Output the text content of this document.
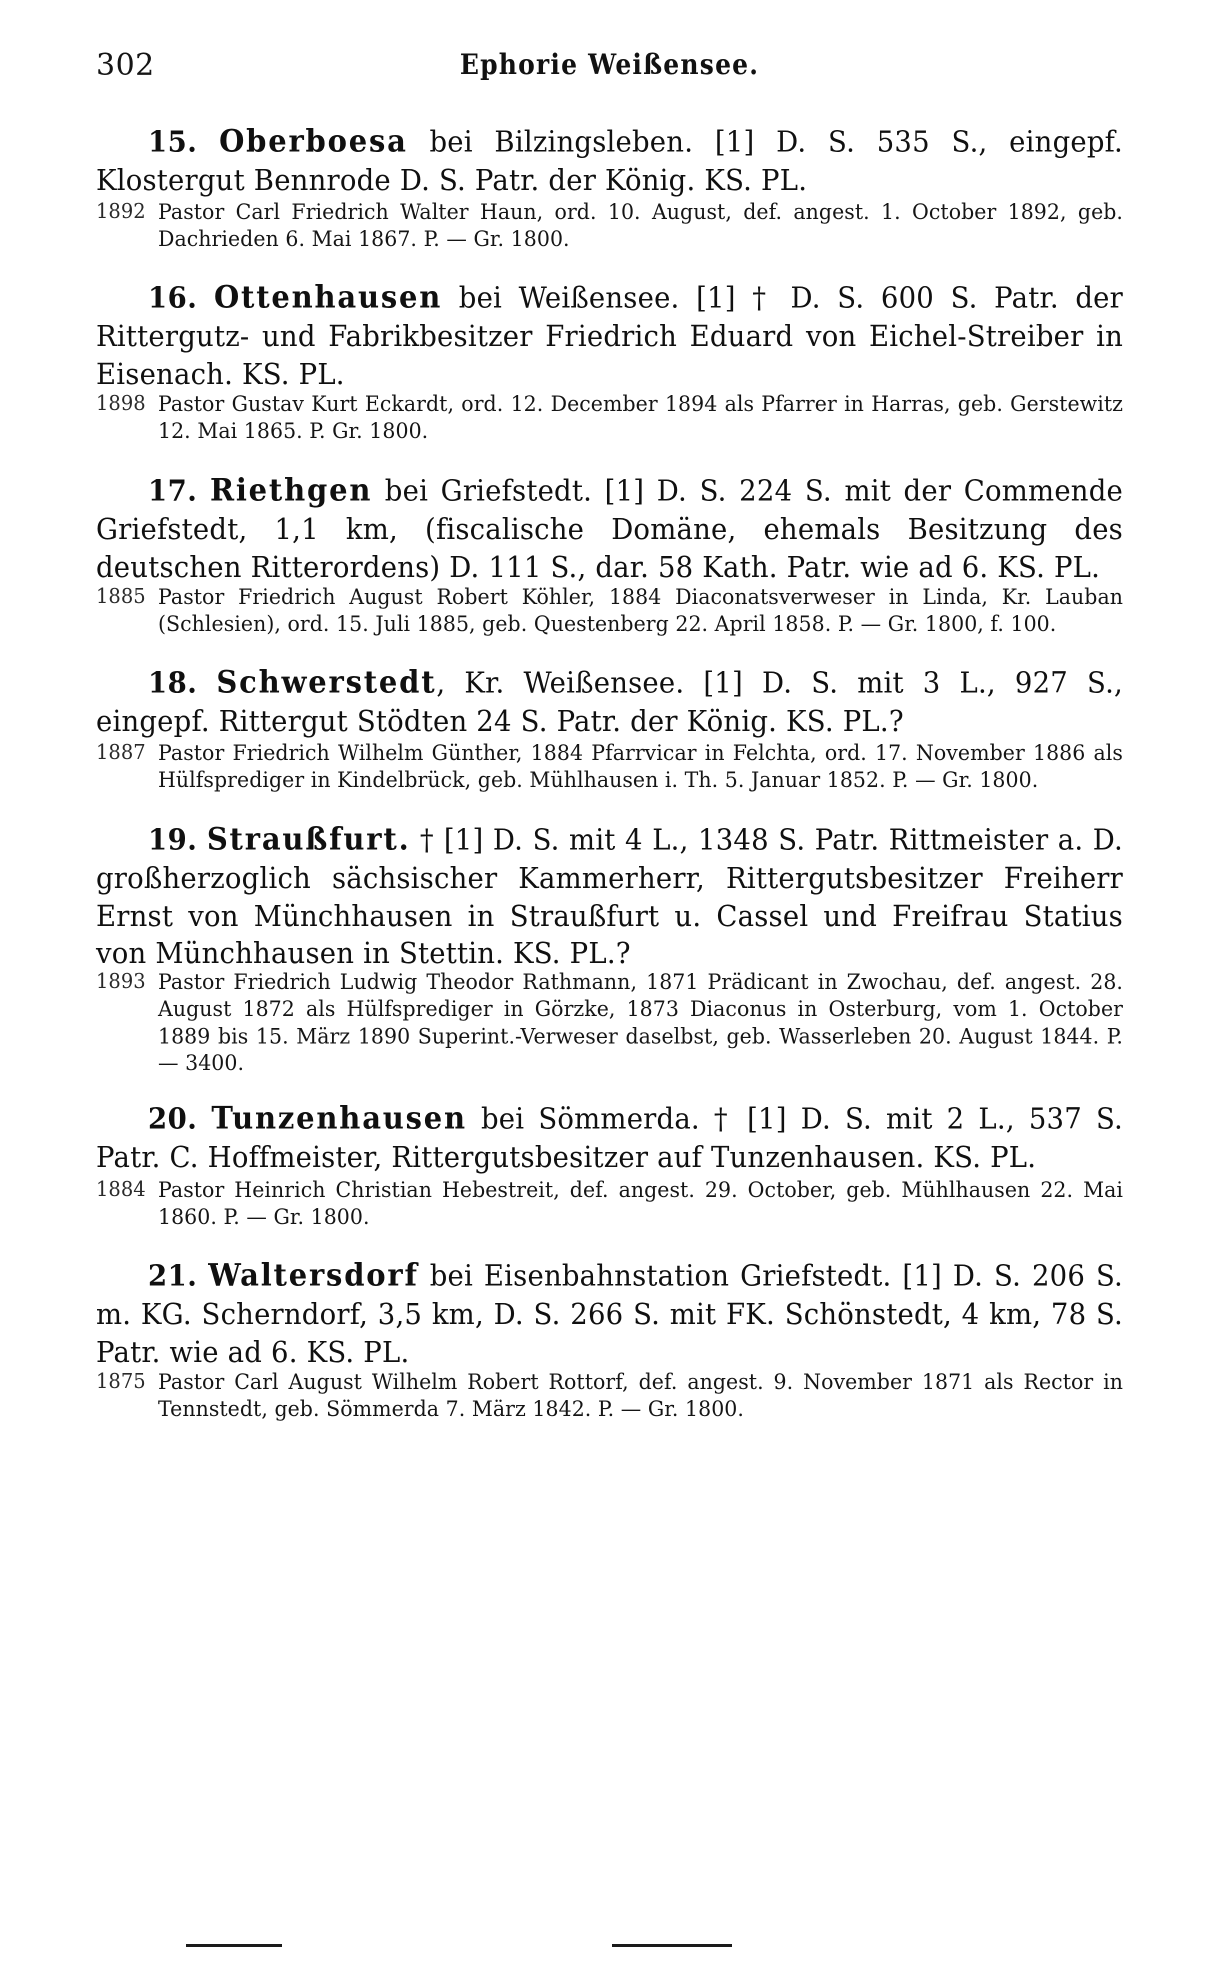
302	Ephorie Weißensee.

15. Oberboesa bei Bilzingsleben. [1] D. S. 535 S., eingepf. Klostergut Bennrode D. S. Patr. der König. KS. PL.

1892 Pastor Carl Friedrich Walter Haun, ord. 10. August, def. angest. 1. October 1892, geb. Dachrieden 6. Mai 1867. P. — Gr. 1800.

16. Ottenhausen bei Weißensee. [1] † D. S. 600 S. Patr. der Rittergutz- und Fabrikbesitzer Friedrich Eduard von Eichel-Streiber in Eisenach. KS. PL.

1898 Pastor Gustav Kurt Eckardt, ord. 12. December 1894 als Pfarrer in Harras, geb. Gerstewitz 12. Mai 1865. P. Gr. 1800.

17. Riethgen bei Griefstedt. [1] D. S. 224 S. mit der Commende Griefstedt, 1,1 km, (fiscalische Domäne, ehemals Besitzung des deutschen Ritterordens) D. 111 S., dar. 58 Kath. Patr. wie ad 6. KS. PL.

1885 Pastor Friedrich August Robert Köhler, 1884 Diaconatsverweser in Linda, Kr. Lauban (Schlesien), ord. 15. Juli 1885, geb. Questenberg 22. April 1858. P. — Gr. 1800, f. 100.

18. Schwerstedt, Kr. Weißensee. [1] D. S. mit 3 L., 927 S., eingepf. Rittergut Stödten 24 S. Patr. der König. KS. PL.?

1887 Pastor Friedrich Wilhelm Günther, 1884 Pfarrvicar in Felchta, ord. 17. November 1886 als Hülfsprediger in Kindelbrück, geb. Mühlhausen i. Th. 5. Januar 1852. P. — Gr. 1800.

19. Straußfurt. † [1] D. S. mit 4 L., 1348 S. Patr. Rittmeister a. D. großherzoglich sächsischer Kammerherr, Rittergutsbesitzer Freiherr Ernst von Münchhausen in Straußfurt u. Cassel und Freifrau Statius von Münchhausen in Stettin. KS. PL.?

1893 Pastor Friedrich Ludwig Theodor Rathmann, 1871 Prädicant in Zwochau, def. angest. 28. August 1872 als Hülfsprediger in Görzke, 1873 Diaconus in Osterburg, vom 1. October 1889 bis 15. März 1890 Superint.-Verweser daselbst, geb. Wasserleben 20. August 1844. P. — 3400.

20. Tunzenhausen bei Sömmerda. † [1] D. S. mit 2 L., 537 S. Patr. C. Hoffmeister, Rittergutsbesitzer auf Tunzenhausen. KS. PL.

1884 Pastor Heinrich Christian Hebestreit, def. angest. 29. October, geb. Mühlhausen 22. Mai 1860. P. — Gr. 1800.

21. Waltersdorf bei Eisenbahnstation Griefstedt. [1] D. S. 206 S. m. KG. Scherndorf, 3,5 km, D. S. 266 S. mit FK. Schönstedt, 4 km, 78 S. Patr. wie ad 6. KS. PL.

1875 Pastor Carl August Wilhelm Robert Rottorf, def. angest. 9. November 1871 als Rector in Tennstedt, geb. Sömmerda 7. März 1842. P. — Gr. 1800.
